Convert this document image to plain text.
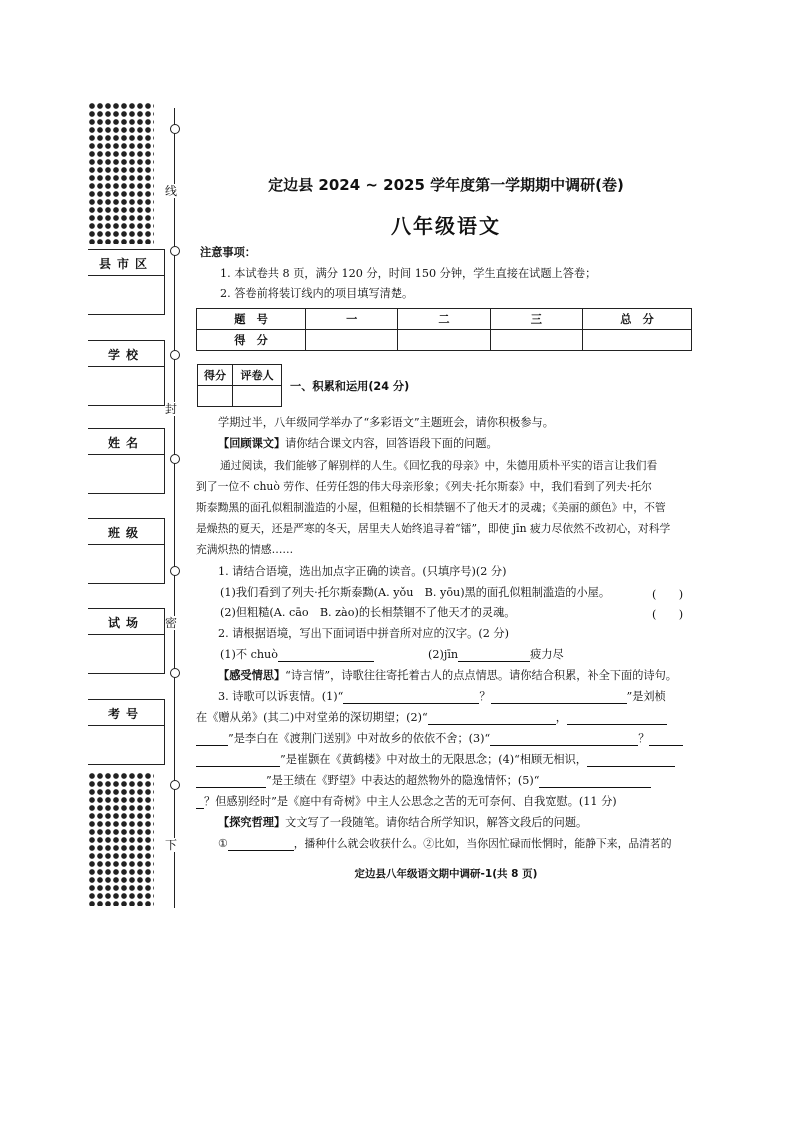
线
封
密
下
县市区
学校
姓名
班级
试场
考号
定边县 2024 ~ 2025 学年度第一学期期中调研(卷)
八年级语文
注意事项：
1. 本试卷共 8 页，满分 120 分，时间 150 分钟，学生直接在试题上答卷；
2. 答卷前将装订线内的项目填写清楚。
题　号	一	二	三	总　分
得　分				
得分	评卷人

一、积累和运用(24 分)
学期过半，八年级同学举办了“多彩语文”主题班会，请你积极参与。
【回顾课文】请你结合课文内容，回答语段下面的问题。
通过阅读，我们能够了解别样的人生。《回忆我的母亲》中，朱德用质朴平实的语言让我们看
到了一位不 chuò 劳作、任劳任怨的伟大母亲形象；《列夫·托尔斯泰》中，我们看到了列夫·托尔
斯泰黝黑的面孔似粗制滥造的小屋，但粗糙的长相禁锢不了他天才的灵魂；《美丽的颜色》中，不管
是燥热的夏天，还是严寒的冬天，居里夫人始终追寻着“镭”，即使 jīn 疲力尽依然不改初心，对科学
充满炽热的情感……
1. 请结合语境，选出加点字正确的读音。(只填序号)(2 分)
(1)我们看到了列夫·托尔斯泰黝(A. yǒu　B. yōu)黑的面孔似粗制滥造的小屋。	(　　)
(2)但粗糙(A. cāo　B. zào)的长相禁锢不了他天才的灵魂。	(　　)
2. 请根据语境，写出下面词语中拼音所对应的汉字。(2 分)
(1)不 chuò	(2)jīn	疲力尽
【感受情思】“诗言情”，诗歌往往寄托着古人的点点情思。请你结合积累，补全下面的诗句。
3. 诗歌可以诉衷情。(1)“	？	”是刘桢
在《赠从弟》(其二)中对堂弟的深切期望；(2)“	，
”是李白在《渡荆门送别》中对故乡的依依不舍；(3)“	？
”是崔颢在《黄鹤楼》中对故土的无限思念；(4)“相顾无相识，
”是王绩在《野望》中表达的超然物外的隐逸情怀；(5)“
？但感别经时”是《庭中有奇树》中主人公思念之苦的无可奈何、自我宽慰。(11 分)
【探究哲理】文文写了一段随笔。请你结合所学知识，解答文段后的问题。
①	，播种什么就会收获什么。②比如，当你因忙碌而怅惘时，能静下来，品清茗的
定边县八年级语文期中调研-1(共 8 页)
